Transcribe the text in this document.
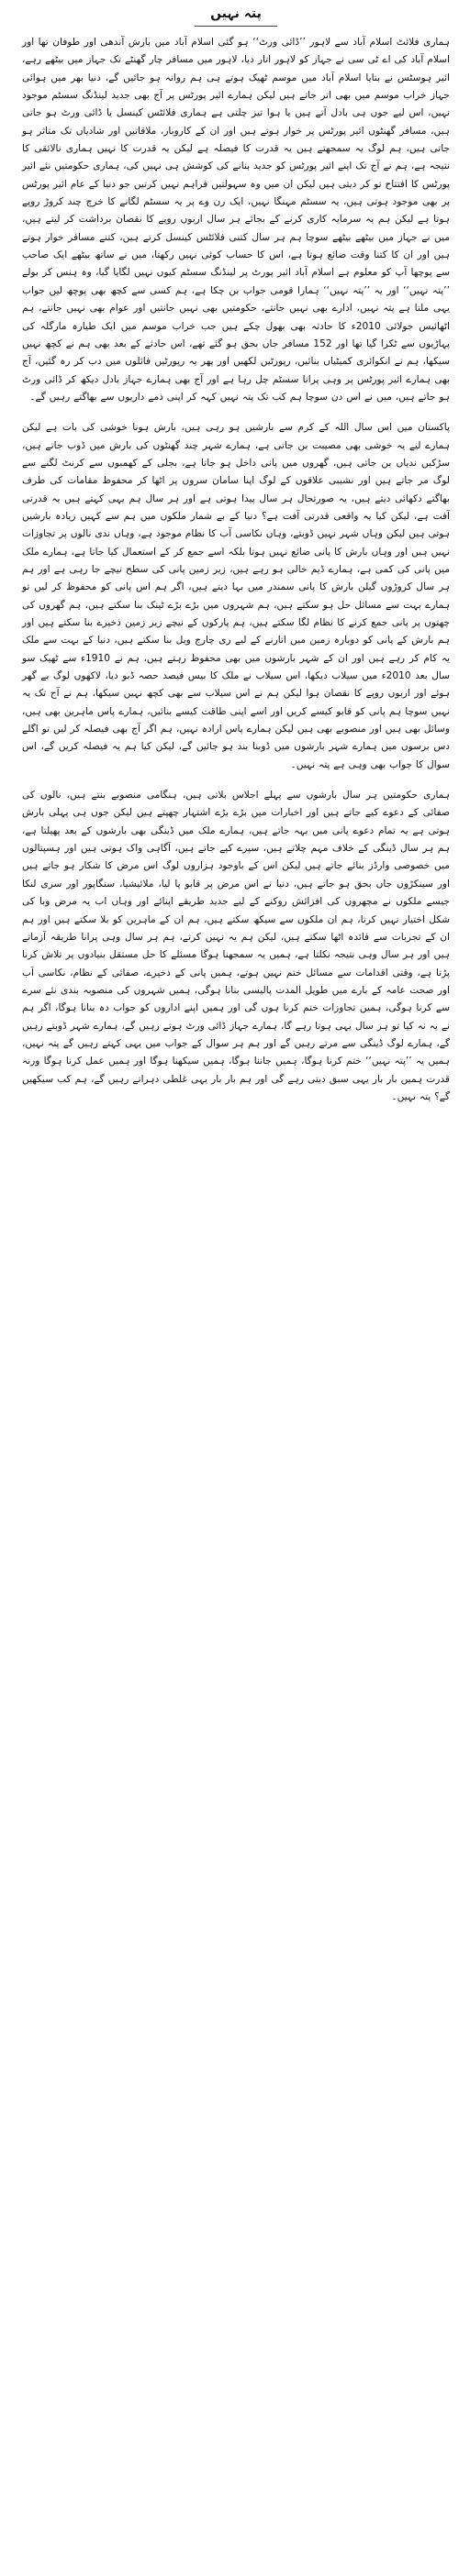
پتہ نہیں

ہماری فلائٹ اسلام آباد سے لاہور ’’ڈائی ورٹ‘‘ ہو گئی اسلام آباد میں بارش آندھی اور طوفان تھا اور اسلام آباد کی اے ٹی سی نے جہاز کو لاہور اتار دیا، لاہور میں مسافر چار گھنٹے تک جہاز میں بیٹھے رہے، ائیر ہوسٹس نے بتایا اسلام آباد میں موسم ٹھیک ہوتے ہی ہم روانہ ہو جائیں گے، دنیا بھر میں ہوائی جہاز خراب موسم میں بھی اتر جاتے ہیں لیکن ہمارے ائیر پورٹس پر آج بھی جدید لینڈنگ سسٹم موجود نہیں، اس لیے جوں ہی بادل آتے ہیں یا ہوا تیز چلتی ہے ہماری فلائٹس کینسل یا ڈائی ورٹ ہو جاتی ہیں، مسافر گھنٹوں ائیر پورٹس پر خوار ہوتے ہیں اور ان کے کاروبار، ملاقاتیں اور شادیاں تک متاثر ہو جاتی ہیں، ہم لوگ یہ سمجھتے ہیں یہ قدرت کا فیصلہ ہے لیکن یہ قدرت کا نہیں ہماری نالائقی کا نتیجہ ہے، ہم نے آج تک اپنے ائیر پورٹس کو جدید بنانے کی کوشش ہی نہیں کی، ہماری حکومتیں نئے ائیر پورٹس کا افتتاح تو کر دیتی ہیں لیکن ان میں وہ سہولتیں فراہم نہیں کرتیں جو دنیا کے عام ائیر پورٹس پر بھی موجود ہوتی ہیں، یہ سسٹم مہنگا نہیں، ایک رن وے پر یہ سسٹم لگانے کا خرچ چند کروڑ روپے ہوتا ہے لیکن ہم یہ سرمایہ کاری کرنے کے بجائے ہر سال اربوں روپے کا نقصان برداشت کر لیتے ہیں، میں نے جہاز میں بیٹھے بیٹھے سوچا ہم ہر سال کتنی فلائٹس کینسل کرتے ہیں، کتنے مسافر خوار ہوتے ہیں اور ان کا کتنا وقت ضائع ہوتا ہے، اس کا حساب کوئی نہیں رکھتا، میں نے ساتھ بیٹھے ایک صاحب سے پوچھا آپ کو معلوم ہے اسلام آباد ائیر پورٹ پر لینڈنگ سسٹم کیوں نہیں لگایا گیا، وہ ہنس کر بولے ’’پتہ نہیں‘‘ اور یہ ’’پتہ نہیں‘‘ ہمارا قومی جواب بن چکا ہے، ہم کسی سے کچھ بھی پوچھ لیں جواب یہی ملتا ہے پتہ نہیں، ادارے بھی نہیں جانتے، حکومتیں بھی نہیں جانتیں اور عوام بھی نہیں جانتے، ہم اٹھائیس جولائی 2010ء کا حادثہ بھی بھول چکے ہیں جب خراب موسم میں ایک طیارہ مارگلہ کی پہاڑیوں سے ٹکرا گیا تھا اور 152 مسافر جاں بحق ہو گئے تھے، اس حادثے کے بعد بھی ہم نے کچھ نہیں سیکھا، ہم نے انکوائری کمیٹیاں بنائیں، رپورٹیں لکھیں اور پھر یہ رپورٹیں فائلوں میں دب کر رہ گئیں، آج بھی ہمارے ائیر پورٹس پر وہی پرانا سسٹم چل رہا ہے اور آج بھی ہمارے جہاز بادل دیکھ کر ڈائی ورٹ ہو جاتے ہیں، میں نے اس دن سوچا ہم کب تک پتہ نہیں کہہ کر اپنی ذمے داریوں سے بھاگتے رہیں گے۔

پاکستان میں اس سال اللہ کے کرم سے بارشیں ہو رہی ہیں، بارش ہونا خوشی کی بات ہے لیکن ہمارے لیے یہ خوشی بھی مصیبت بن جاتی ہے، ہمارے شہر چند گھنٹوں کی بارش میں ڈوب جاتے ہیں، سڑکیں ندیاں بن جاتی ہیں، گھروں میں پانی داخل ہو جاتا ہے، بجلی کے کھمبوں سے کرنٹ لگنے سے لوگ مر جاتے ہیں اور نشیبی علاقوں کے لوگ اپنا سامان سروں پر اٹھا کر محفوظ مقامات کی طرف بھاگتے دکھائی دیتے ہیں، یہ صورتحال ہر سال پیدا ہوتی ہے اور ہر سال ہم یہی کہتے ہیں یہ قدرتی آفت ہے، لیکن کیا یہ واقعی قدرتی آفت ہے؟ دنیا کے بے شمار ملکوں میں ہم سے کہیں زیادہ بارشیں ہوتی ہیں لیکن وہاں شہر نہیں ڈوبتے، وہاں نکاسی آب کا نظام موجود ہے، وہاں ندی نالوں پر تجاوزات نہیں ہیں اور وہاں بارش کا پانی ضائع نہیں ہوتا بلکہ اسے جمع کر کے استعمال کیا جاتا ہے، ہمارے ملک میں پانی کی کمی ہے، ہمارے ڈیم خالی ہو رہے ہیں، زیر زمین پانی کی سطح نیچے جا رہی ہے اور ہم ہر سال کروڑوں گیلن بارش کا پانی سمندر میں بہا دیتے ہیں، اگر ہم اس پانی کو محفوظ کر لیں تو ہمارے بہت سے مسائل حل ہو سکتے ہیں، ہم شہروں میں بڑے بڑے ٹینک بنا سکتے ہیں، ہم گھروں کی چھتوں پر پانی جمع کرنے کا نظام لگا سکتے ہیں، ہم پارکوں کے نیچے زیر زمین ذخیرے بنا سکتے ہیں اور ہم بارش کے پانی کو دوبارہ زمین میں اتارنے کے لیے ری چارج ویل بنا سکتے ہیں، دنیا کے بہت سے ملک یہ کام کر رہے ہیں اور ان کے شہر بارشوں میں بھی محفوظ رہتے ہیں، ہم نے 1910ء سے ٹھیک سو سال بعد 2010ء میں سیلاب دیکھا، اس سیلاب نے ملک کا بیس فیصد حصہ ڈبو دیا، لاکھوں لوگ بے گھر ہوئے اور اربوں روپے کا نقصان ہوا لیکن ہم نے اس سیلاب سے بھی کچھ نہیں سیکھا، ہم نے آج تک یہ نہیں سوچا ہم پانی کو قابو کیسے کریں اور اسے اپنی طاقت کیسے بنائیں، ہمارے پاس ماہرین بھی ہیں، وسائل بھی ہیں اور منصوبے بھی ہیں لیکن ہمارے پاس ارادہ نہیں، ہم اگر آج بھی فیصلہ کر لیں تو اگلے دس برسوں میں ہمارے شہر بارشوں میں ڈوبنا بند ہو جائیں گے، لیکن کیا ہم یہ فیصلہ کریں گے، اس سوال کا جواب بھی وہی ہے پتہ نہیں۔

ہماری حکومتیں ہر سال بارشوں سے پہلے اجلاس بلاتی ہیں، ہنگامی منصوبے بنتے ہیں، نالوں کی صفائی کے دعوے کیے جاتے ہیں اور اخبارات میں بڑے بڑے اشتہار چھپتے ہیں لیکن جوں ہی پہلی بارش ہوتی ہے یہ تمام دعوے پانی میں بہہ جاتے ہیں، ہمارے ملک میں ڈینگی بھی بارشوں کے بعد پھیلتا ہے، ہم ہر سال ڈینگی کے خلاف مہم چلاتے ہیں، سپرے کیے جاتے ہیں، آگاہی واک ہوتی ہیں اور ہسپتالوں میں خصوصی وارڈز بنائے جاتے ہیں لیکن اس کے باوجود ہزاروں لوگ اس مرض کا شکار ہو جاتے ہیں اور سینکڑوں جاں بحق ہو جاتے ہیں، دنیا نے اس مرض پر قابو پا لیا، ملائیشیا، سنگاپور اور سری لنکا جیسے ملکوں نے مچھروں کی افزائش روکنے کے لیے جدید طریقے اپنائے اور وہاں اب یہ مرض وبا کی شکل اختیار نہیں کرتا، ہم ان ملکوں سے سیکھ سکتے ہیں، ہم ان کے ماہرین کو بلا سکتے ہیں اور ہم ان کے تجربات سے فائدہ اٹھا سکتے ہیں، لیکن ہم یہ نہیں کرتے، ہم ہر سال وہی پرانا طریقہ آزماتے ہیں اور ہر سال وہی نتیجہ نکلتا ہے، ہمیں یہ سمجھنا ہوگا مسئلے کا حل مستقل بنیادوں پر تلاش کرنا پڑتا ہے، وقتی اقدامات سے مسائل ختم نہیں ہوتے، ہمیں پانی کے ذخیرے، صفائی کے نظام، نکاسی آب اور صحت عامہ کے بارے میں طویل المدت پالیسی بنانا ہوگی، ہمیں شہروں کی منصوبہ بندی نئے سرے سے کرنا ہوگی، ہمیں تجاوزات ختم کرنا ہوں گی اور ہمیں اپنے اداروں کو جواب دہ بنانا ہوگا، اگر ہم نے یہ نہ کیا تو ہر سال یہی ہوتا رہے گا، ہمارے جہاز ڈائی ورٹ ہوتے رہیں گے، ہمارے شہر ڈوبتے رہیں گے، ہمارے لوگ ڈینگی سے مرتے رہیں گے اور ہم ہر سوال کے جواب میں یہی کہتے رہیں گے پتہ نہیں، ہمیں یہ ’’پتہ نہیں‘‘ ختم کرنا ہوگا، ہمیں جاننا ہوگا، ہمیں سیکھنا ہوگا اور ہمیں عمل کرنا ہوگا ورنہ قدرت ہمیں بار بار یہی سبق دیتی رہے گی اور ہم بار بار یہی غلطی دہراتے رہیں گے، ہم کب سیکھیں گے؟ پتہ نہیں۔
